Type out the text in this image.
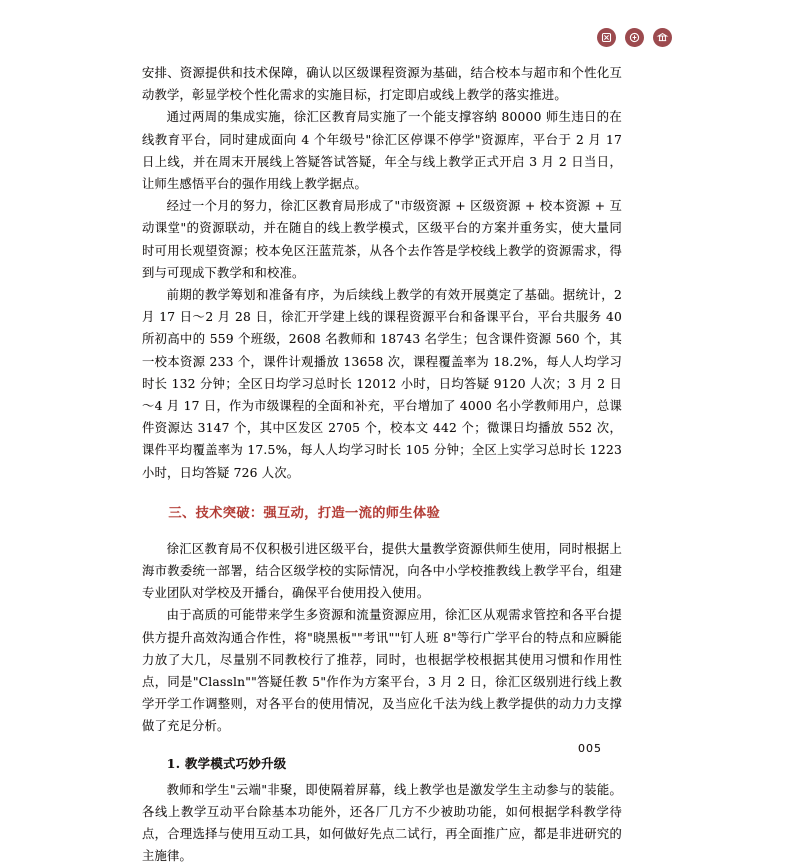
安排、资源提供和技术保障，确认以区级课程资源为基础，结合校本与超市和个性化互动教学，彰显学校个性化需求的实施目标，打定即启或线上教学的落实推进。

通过两周的集成实施，徐汇区教育局实施了一个能支撑容纳 80000 师生违日的在线教育平台，同时建成面向 4 个年级号"徐汇区停课不停学"资源库，平台于 2 月 17 日上线，并在周末开展线上答疑答试答疑，年全与线上教学正式开启 3 月 2 日当日，让师生感悟平台的强作用线上教学据点。

经过一个月的努力，徐汇区教育局形成了"市级资源 + 区级资源 + 校本资源 + 互动课堂"的资源联动，并在随自的线上教学模式，区级平台的方案并重务实，使大量同时可用长观望资源；校本免区汪蓝荒茶，从各个去作答是学校线上教学的资源需求，得到与可现成下教学和和校准。

前期的教学筹划和准备有序，为后续线上教学的有效开展奠定了基础。据统计，2 月 17 日～2 月 28 日，徐汇开学建上线的课程资源平台和备课平台，平台共服务 40 所初高中的 559 个班级，2608 名教师和 18743 名学生；包含课件资源 560 个，其一校本资源 233 个，课件计观播放 13658 次，课程覆盖率为 18.2%，每人人均学习时长 132 分钟；全区日均学习总时长 12012 小时，日均答疑 9120 人次；3 月 2 日～4 月 17 日，作为市级课程的全面和补充，平台增加了 4000 名小学教师用户，总课件资源达 3147 个，其中区发区 2705 个，校本文 442 个；微课日均播放 552 次，课件平均覆盖率为 17.5%，每人人均学习时长 105 分钟；全区上实学习总时长 1223 小时，日均答疑 726 人次。

三、技术突破：强互动，打造一流的师生体验

徐汇区教育局不仅积极引进区级平台，提供大量教学资源供师生使用，同时根据上海市教委统一部署，结合区级学校的实际情况，向各中小学校推教线上教学平台，组建专业团队对学校及开播台，确保平台使用投入使用。

由于高质的可能带来学生多资源和流量资源应用，徐汇区从观需求管控和各平台提供方提升高效沟通合作性，将"晓黑板""考讯""钉人班 8"等行广学平台的特点和应瞬能力放了大几，尽量别不同教校行了推荐，同时，也根据学校根据其使用习惯和作用性点，同是"Classln""答疑任教 5"作作为方案平台，3 月 2 日，徐汇区级别进行线上教学开学工作调整则，对各平台的使用情况，及当应化千法为线上教学提供的动力力支撑做了充足分析。

1. 教学模式巧妙升级

教师和学生"云端"非聚，即使隔着屏幕，线上教学也是激发学生主动参与的装能。各线上教学互动平台除基本功能外，还各厂几方不少被助功能，如何根据学科教学待点，合理选择与使用互动工具，如何做好先点二试行，再全面推广应，都是非进研究的主施律。

005
